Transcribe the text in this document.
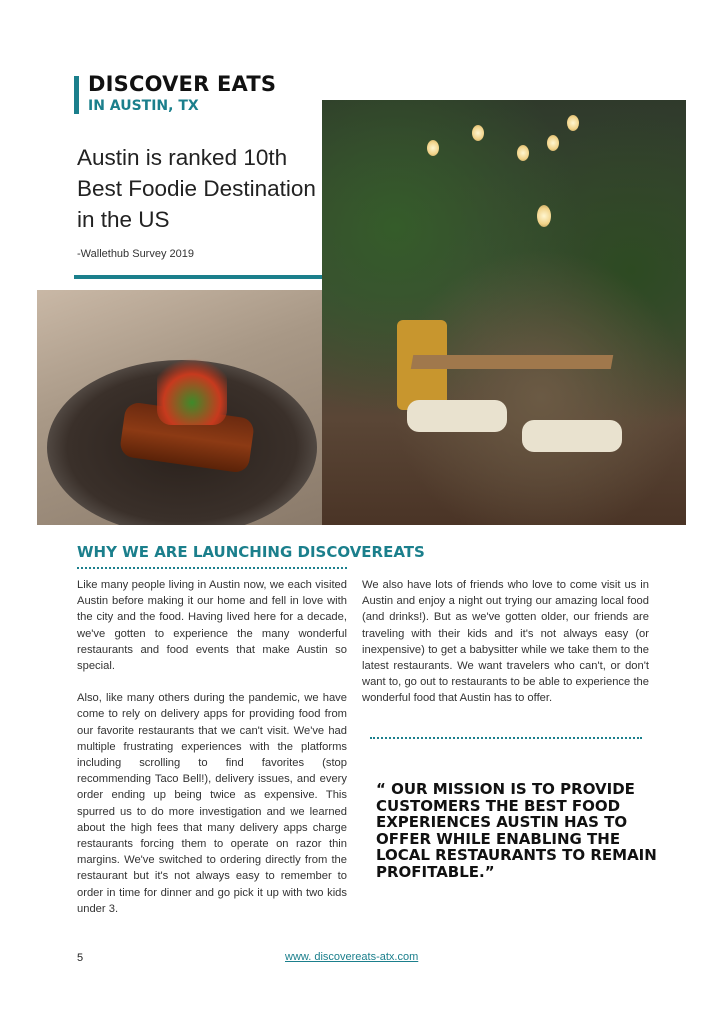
DISCOVER EATS
IN AUSTIN, TX
Austin is ranked 10th Best Foodie Destination in the US
-Wallethub Survey 2019
WHY WE ARE LAUNCHING DISCOVEREATS

Like many people living in Austin now, we each visited Austin before making it our home and fell in love with the city and the food. Having lived here for a decade, we've gotten to experience the many wonderful restaurants and food events that make Austin so special.

Also, like many others during the pandemic, we have come to rely on delivery apps for providing food from our favorite restaurants that we can't visit. We've had multiple frustrating experiences with the platforms including scrolling to find favorites (stop recommending Taco Bell!), delivery issues, and every order ending up being twice as expensive. This spurred us to do more investigation and we learned about the high fees that many delivery apps charge restaurants forcing them to operate on razor thin margins. We've switched to ordering directly from the restaurant but it's not always easy to remember to order in time for dinner and go pick it up with two kids under 3.

We also have lots of friends who love to come visit us in Austin and enjoy a night out trying our amazing local food (and drinks!). But as we've gotten older, our friends are traveling with their kids and it's not always easy (or inexpensive) to get a babysitter while we take them to the latest restaurants. We want travelers who can't, or don't want to, go out to restaurants to be able to experience the wonderful food that Austin has to offer.

“ OUR MISSION IS TO PROVIDE CUSTOMERS THE BEST FOOD EXPERIENCES AUSTIN HAS TO OFFER WHILE ENABLING THE LOCAL RESTAURANTS TO REMAIN PROFITABLE.”
5	www. discovereats-atx.com
